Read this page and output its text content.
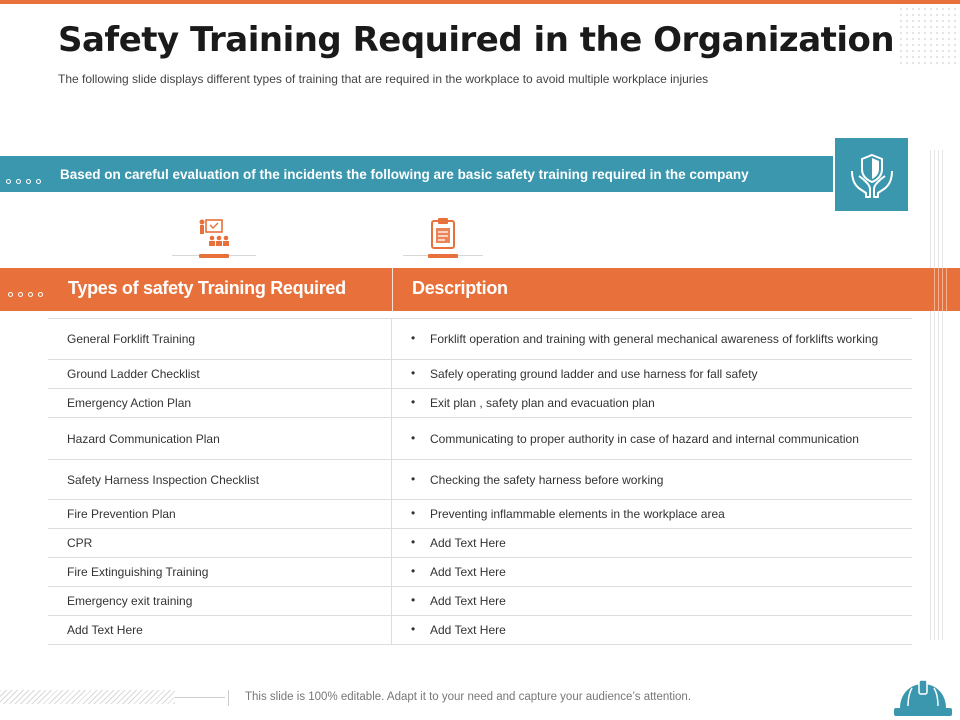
Safety Training Required in the Organization

The following slide displays different types of training that are required in the workplace to avoid multiple workplace injuries

Based on careful evaluation of the incidents the following are basic safety training required in the company
Types of safety Training Required	Description
General Forklift Training	•	Forklift operation and training with general mechanical awareness of forklifts working
Ground Ladder Checklist	•	Safely operating ground ladder and use harness for fall safety
Emergency Action Plan	•	Exit plan , safety plan and evacuation plan
Hazard Communication Plan	•	Communicating to proper authority in case of hazard and internal communication
Safety Harness Inspection Checklist	•	Checking the safety harness before working
Fire Prevention Plan	•	Preventing inflammable elements in the workplace area
CPR	•	Add Text Here
Fire Extinguishing Training	•	Add Text Here
Emergency exit training	•	Add Text Here
Add Text Here	•	Add Text Here
This slide is 100% editable. Adapt it to your need and capture your audience’s attention.
